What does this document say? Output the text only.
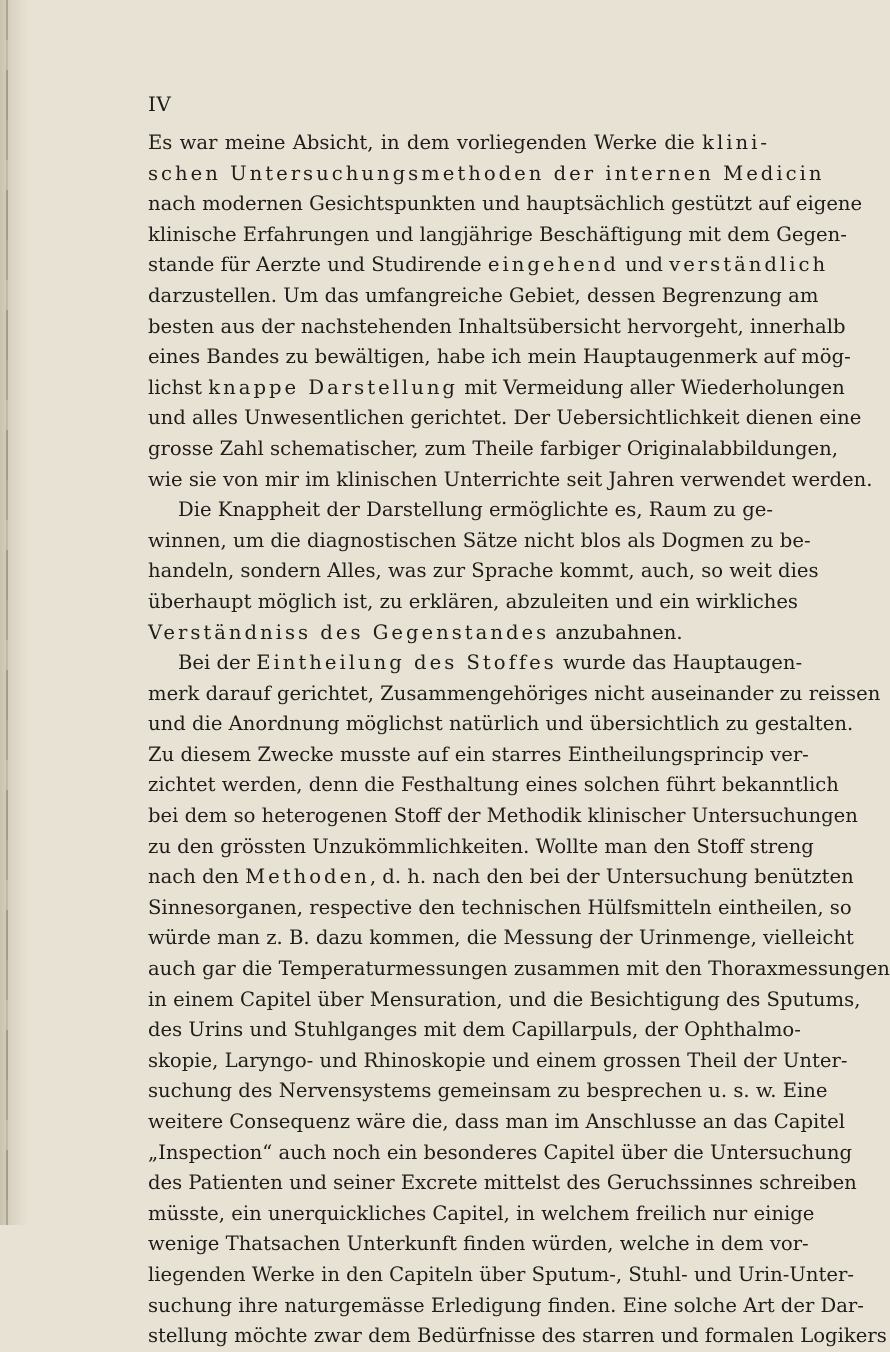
IV
Es war meine Absicht, in dem vorliegenden Werke die klini-
schen Untersuchungsmethoden der internen Medicin
nach modernen Gesichtspunkten und hauptsächlich gestützt auf eigene
klinische Erfahrungen und langjährige Beschäftigung mit dem Gegen-
stande für Aerzte und Studirende eingehend und verständlich
darzustellen. Um das umfangreiche Gebiet, dessen Begrenzung am
besten aus der nachstehenden Inhaltsübersicht hervorgeht, innerhalb
eines Bandes zu bewältigen, habe ich mein Hauptaugenmerk auf mög-
lichst knappe Darstellung mit Vermeidung aller Wiederholungen
und alles Unwesentlichen gerichtet. Der Uebersichtlichkeit dienen eine
grosse Zahl schematischer, zum Theile farbiger Originalabbildungen,
wie sie von mir im klinischen Unterrichte seit Jahren verwendet werden.
Die Knappheit der Darstellung ermöglichte es, Raum zu ge-
winnen, um die diagnostischen Sätze nicht blos als Dogmen zu be-
handeln, sondern Alles, was zur Sprache kommt, auch, so weit dies
überhaupt möglich ist, zu erklären, abzuleiten und ein wirkliches
Verständniss des Gegenstandes anzubahnen.
Bei der Eintheilung des Stoffes wurde das Hauptaugen-
merk darauf gerichtet, Zusammengehöriges nicht auseinander zu reissen
und die Anordnung möglichst natürlich und übersichtlich zu gestalten.
Zu diesem Zwecke musste auf ein starres Eintheilungsprincip ver-
zichtet werden, denn die Festhaltung eines solchen führt bekanntlich
bei dem so heterogenen Stoff der Methodik klinischer Untersuchungen
zu den grössten Unzukömmlichkeiten. Wollte man den Stoff streng
nach den Methoden, d. h. nach den bei der Untersuchung benützten
Sinnesorganen, respective den technischen Hülfsmitteln eintheilen, so
würde man z. B. dazu kommen, die Messung der Urinmenge, vielleicht
auch gar die Temperaturmessungen zusammen mit den Thoraxmessungen
in einem Capitel über Mensuration, und die Besichtigung des Sputums,
des Urins und Stuhlganges mit dem Capillarpuls, der Ophthalmo-
skopie, Laryngo- und Rhinoskopie und einem grossen Theil der Unter-
suchung des Nervensystems gemeinsam zu besprechen u. s. w. Eine
weitere Consequenz wäre die, dass man im Anschlusse an das Capitel
„Inspection“ auch noch ein besonderes Capitel über die Untersuchung
des Patienten und seiner Excrete mittelst des Geruchssinnes schreiben
müsste, ein unerquickliches Capitel, in welchem freilich nur einige
wenige Thatsachen Unterkunft finden würden, welche in dem vor-
liegenden Werke in den Capiteln über Sputum-, Stuhl- und Urin-Unter-
suchung ihre naturgemässe Erledigung finden. Eine solche Art der Dar-
stellung möchte zwar dem Bedürfnisse des starren und formalen Logikers
